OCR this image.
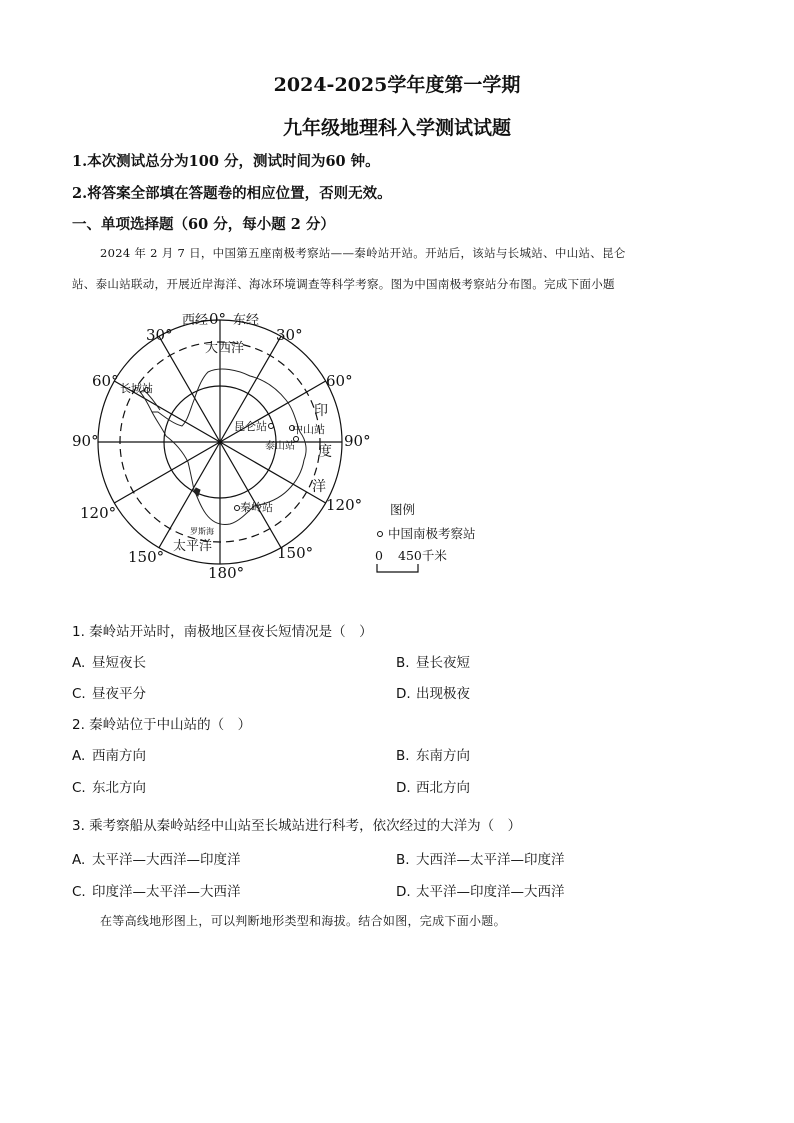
2024-2025学年度第一学期
九年级地理科入学测试试题
1.本次测试总分为100 分，测试时间为60 钟。
2.将答案全部填在答题卷的相应位置，否则无效。
一、单项选择题（60 分，每小题 2 分）
2024 年 2 月 7 日，中国第五座南极考察站——秦岭站开站。开站后，该站与长城站、中山站、昆仑
站、泰山站联动，开展近岸海洋、海冰环境调查等科学考察。图为中国南极考察站分布图。完成下面小题
西经 0° 东经
180°
30°
60°
90°
120°
150°
30°
60°
90°
120°
150°
大西洋
太平洋
印
度
洋
罗斯海
长城站
昆仑站 中山站
泰山站
秦岭站	图例
中国南极考察站
0 450千米
1. 秦岭站开站时，南极地区昼夜长短情况是（　）
A. 昼短夜长	B. 昼长夜短
C. 昼夜平分	D. 出现极夜
2. 秦岭站位于中山站的（　）
A. 西南方向	B. 东南方向
C. 东北方向	D. 西北方向
3. 乘考察船从秦岭站经中山站至长城站进行科考，依次经过的大洋为（　）
A. 太平洋—大西洋—印度洋	B. 大西洋—太平洋—印度洋
C. 印度洋—太平洋—大西洋	D. 太平洋—印度洋—大西洋
在等高线地形图上，可以判断地形类型和海拔。结合如图，完成下面小题。
